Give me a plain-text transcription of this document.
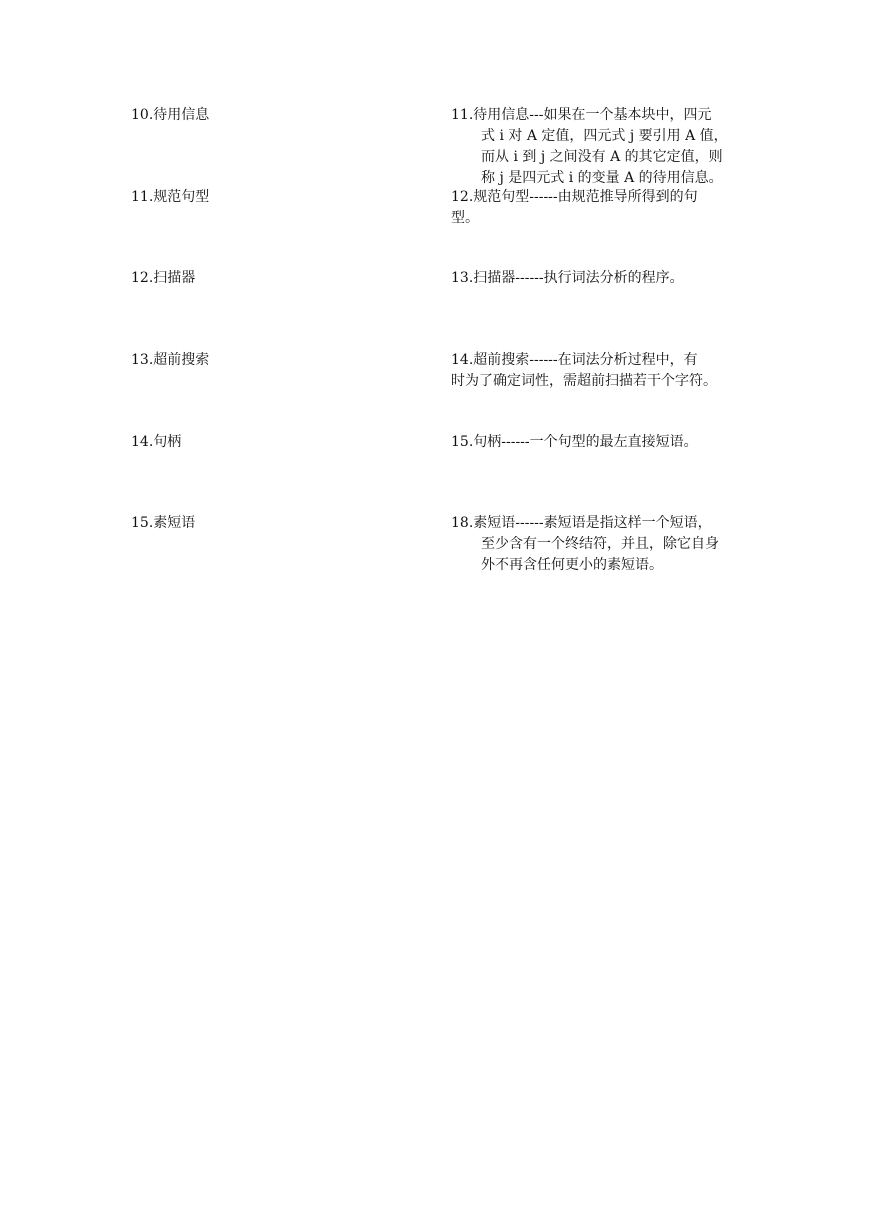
10.待用信息	11.待用信息---如果在一个基本块中，四元
式 i 对 A 定值，四元式 j 要引用 A 值，
而从 i 到 j 之间没有 A 的其它定值，则
称 j 是四元式 i 的变量 A 的待用信息。
11.规范句型	12.规范句型------由规范推导所得到的句
型。
12.扫描器	13.扫描器------执行词法分析的程序。
13.超前搜索	14.超前搜索------在词法分析过程中，有
时为了确定词性，需超前扫描若干个字符。
14.句柄	15.句柄------一个句型的最左直接短语。
15.素短语	18.素短语------素短语是指这样一个短语，
至少含有一个终结符，并且，除它自身
外不再含任何更小的素短语。
